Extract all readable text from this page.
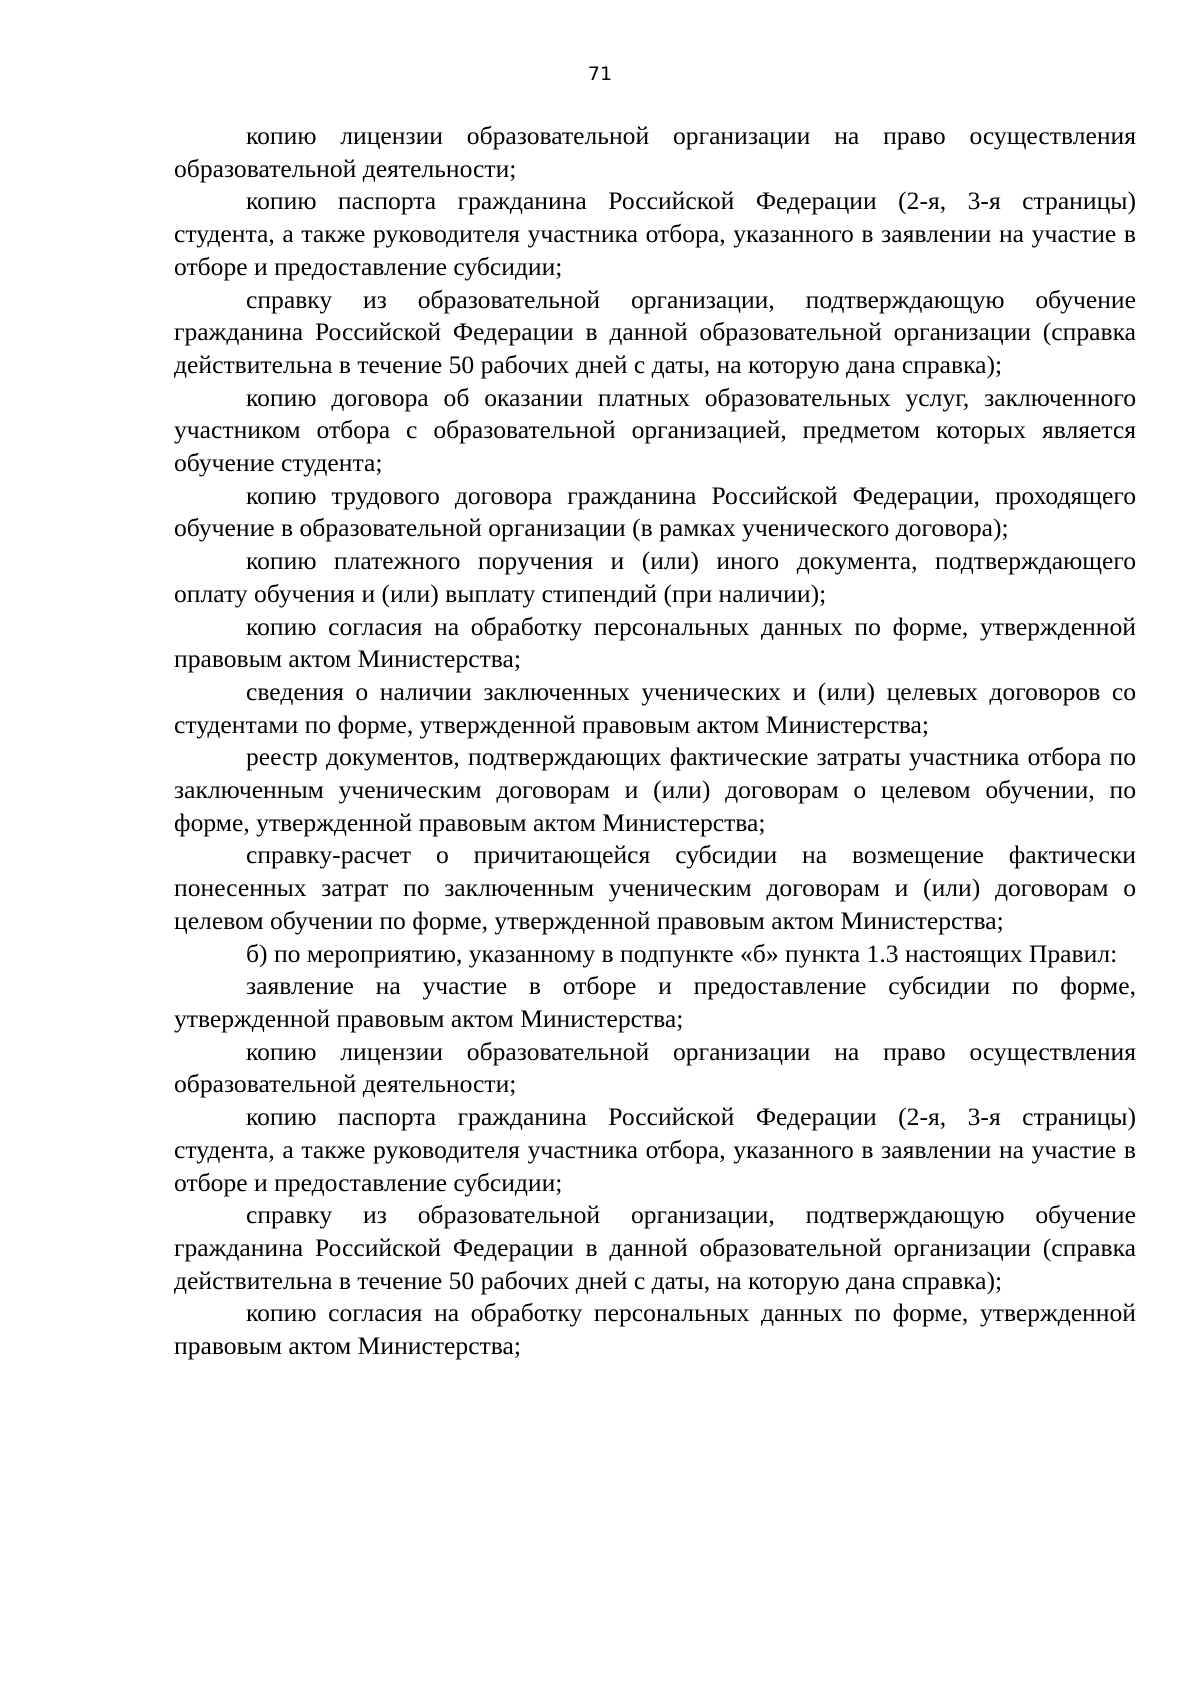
71

копию лицензии образовательной организации на право осуществления образовательной деятельности;

копию паспорта гражданина Российской Федерации (2-я, 3-я страницы) студента, а также руководителя участника отбора, указанного в заявлении на участие в отборе и предоставление субсидии;

справку из образовательной организации, подтверждающую обучение гражданина Российской Федерации в данной образовательной организации (справка действительна в течение 50 рабочих дней с даты, на которую дана справка);

копию договора об оказании платных образовательных услуг, заключенного участником отбора с образовательной организацией, предметом которых является обучение студента;

копию трудового договора гражданина Российской Федерации, проходящего обучение в образовательной организации (в рамках ученического договора);

копию платежного поручения и (или) иного документа, подтверждающего оплату обучения и (или) выплату стипендий (при наличии);

копию согласия на обработку персональных данных по форме, утвержденной правовым актом Министерства;

сведения о наличии заключенных ученических и (или) целевых договоров со студентами по форме, утвержденной правовым актом Министерства;

реестр документов, подтверждающих фактические затраты участника отбора по заключенным ученическим договорам и (или) договорам о целевом обучении, по форме, утвержденной правовым актом Министерства;

справку-расчет о причитающейся субсидии на возмещение фактически понесенных затрат по заключенным ученическим договорам и (или) договорам о целевом обучении по форме, утвержденной правовым актом Министерства;

б) по мероприятию, указанному в подпункте «б» пункта 1.3 настоящих Правил:

заявление на участие в отборе и предоставление субсидии по форме, утвержденной правовым актом Министерства;

копию лицензии образовательной организации на право осуществления образовательной деятельности;

копию паспорта гражданина Российской Федерации (2-я, 3-я страницы) студента, а также руководителя участника отбора, указанного в заявлении на участие в отборе и предоставление субсидии;

справку из образовательной организации, подтверждающую обучение гражданина Российской Федерации в данной образовательной организации (справка действительна в течение 50 рабочих дней с даты, на которую дана справка);

копию согласия на обработку персональных данных по форме, утвержденной правовым актом Министерства;
